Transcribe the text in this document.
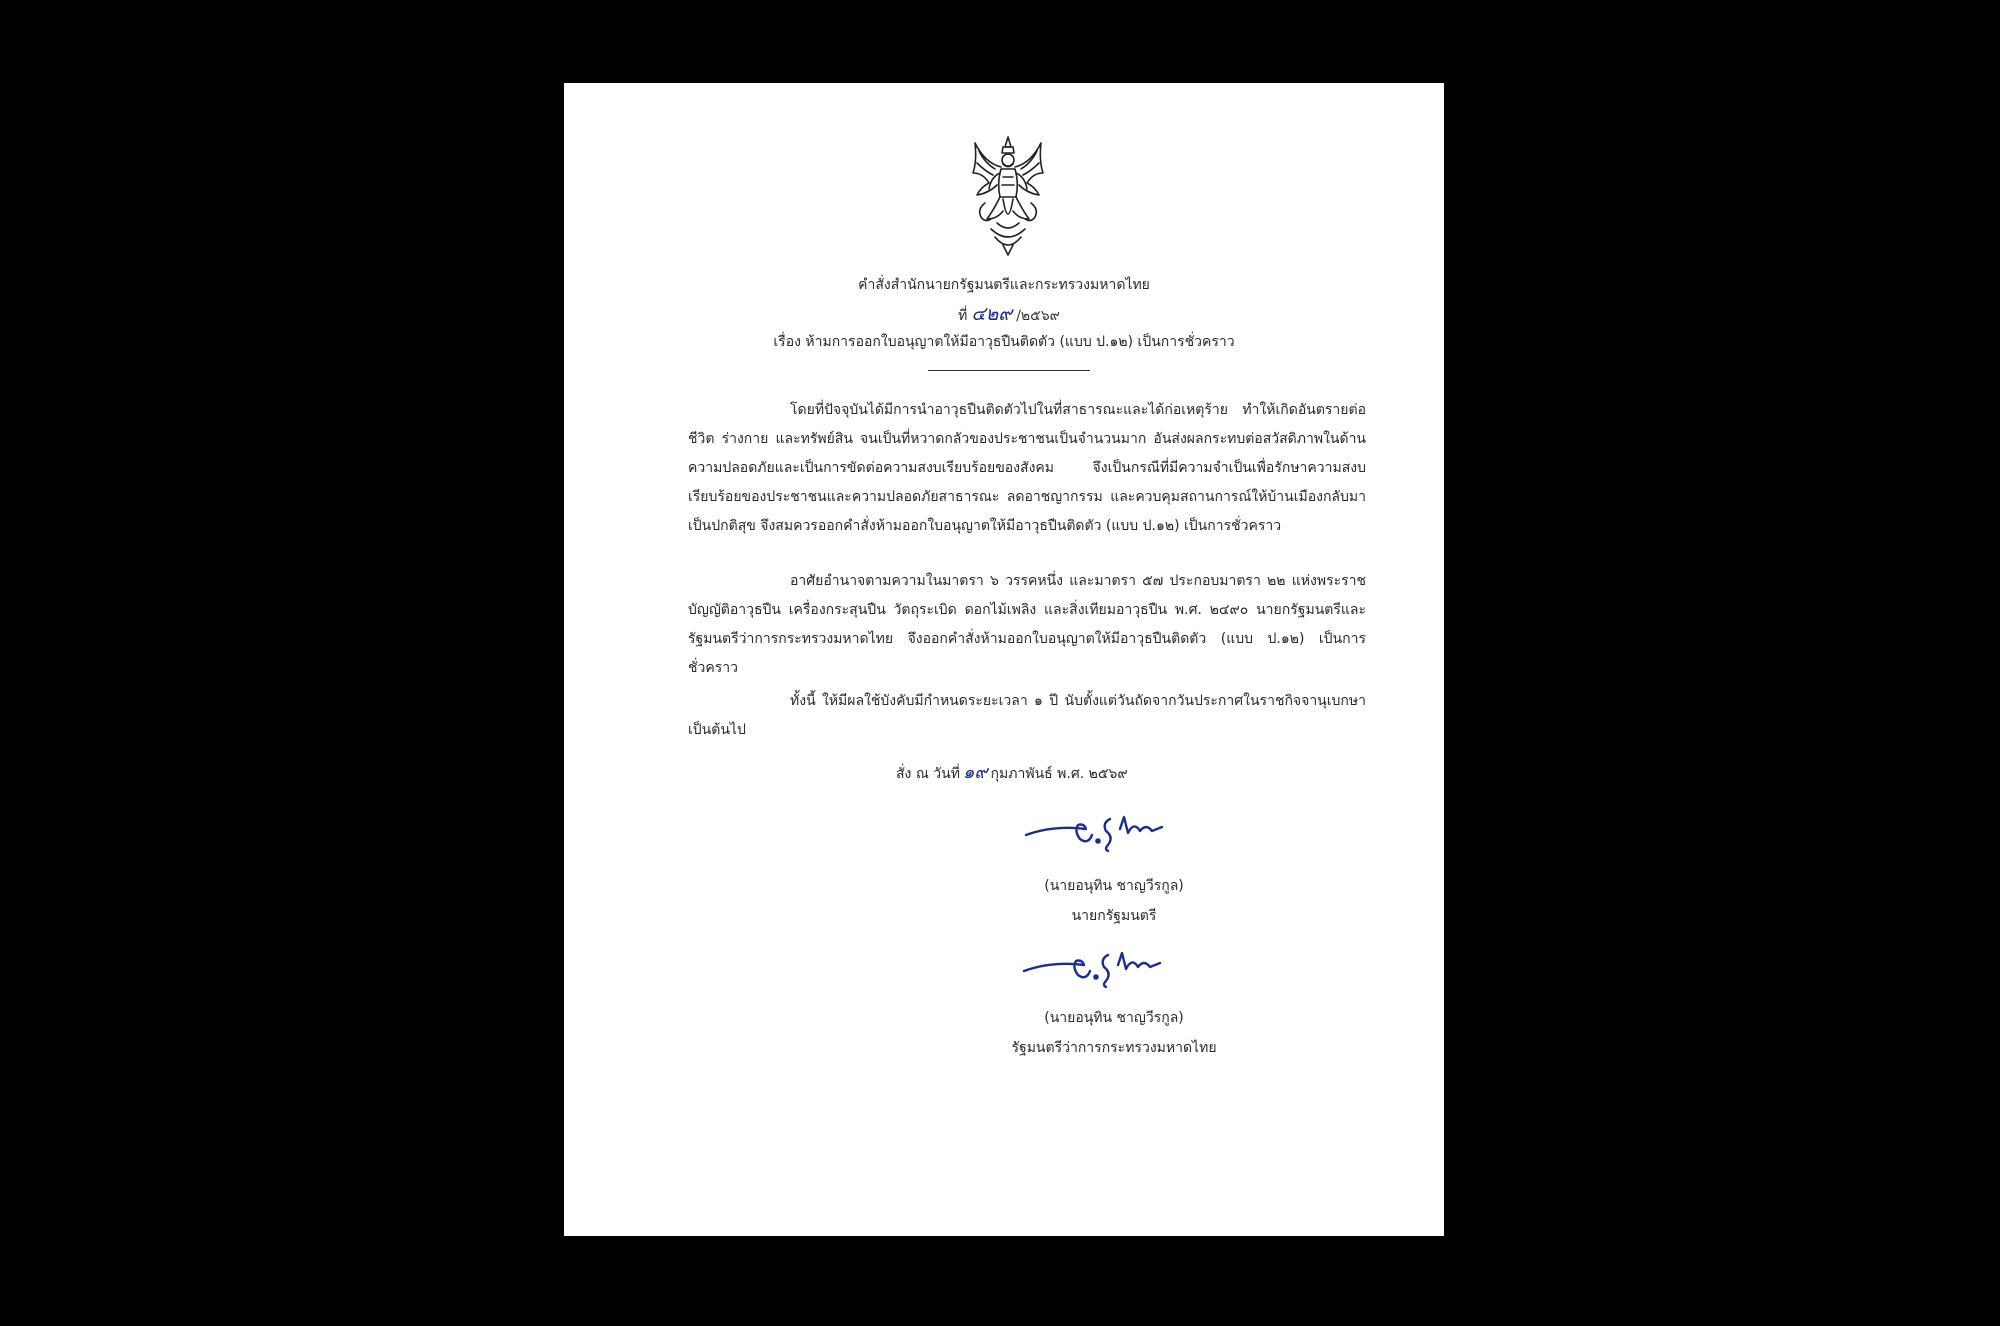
คำสั่งสำนักนายกรัฐมนตรีและกระทรวงมหาดไทย
ที่ ๔๒๙ /๒๕๖๙
เรื่อง ห้ามการออกใบอนุญาตให้มีอาวุธปืนติดตัว (แบบ ป.๑๒) เป็นการชั่วคราว
โดยที่ปัจจุบันได้มีการนำอาวุธปืนติดตัวไปในที่สาธารณะและได้ก่อเหตุร้าย ทำให้เกิดอันตรายต่อชีวิต ร่างกาย และทรัพย์สิน จนเป็นที่หวาดกลัวของประชาชนเป็นจำนวนมาก อันส่งผลกระทบต่อสวัสดิภาพในด้านความปลอดภัยและเป็นการขัดต่อความสงบเรียบร้อยของสังคม จึงเป็นกรณีที่มีความจำเป็นเพื่อรักษาความสงบเรียบร้อยของประชาชนและความปลอดภัยสาธารณะ ลดอาชญากรรม และควบคุมสถานการณ์ให้บ้านเมืองกลับมาเป็นปกติสุข จึงสมควรออกคำสั่งห้ามออกใบอนุญาตให้มีอาวุธปืนติดตัว (แบบ ป.๑๒) เป็นการชั่วคราว
อาศัยอำนาจตามความในมาตรา ๖ วรรคหนึ่ง และมาตรา ๕๗ ประกอบมาตรา ๒๒ แห่งพระราชบัญญัติอาวุธปืน เครื่องกระสุนปืน วัตถุระเบิด ดอกไม้เพลิง และสิ่งเทียมอาวุธปืน พ.ศ. ๒๔๙๐ นายกรัฐมนตรีและรัฐมนตรีว่าการกระทรวงมหาดไทย จึงออกคำสั่งห้ามออกใบอนุญาตให้มีอาวุธปืนติดตัว (แบบ ป.๑๒) เป็นการชั่วคราว
ทั้งนี้ ให้มีผลใช้บังคับมีกำหนดระยะเวลา ๑ ปี นับตั้งแต่วันถัดจากวันประกาศในราชกิจจานุเบกษาเป็นต้นไป
สั่ง ณ วันที่ ๑๙ กุมภาพันธ์ พ.ศ. ๒๕๖๙
(นายอนุทิน ชาญวีรกูล)
นายกรัฐมนตรี
(นายอนุทิน ชาญวีรกูล)
รัฐมนตรีว่าการกระทรวงมหาดไทย
